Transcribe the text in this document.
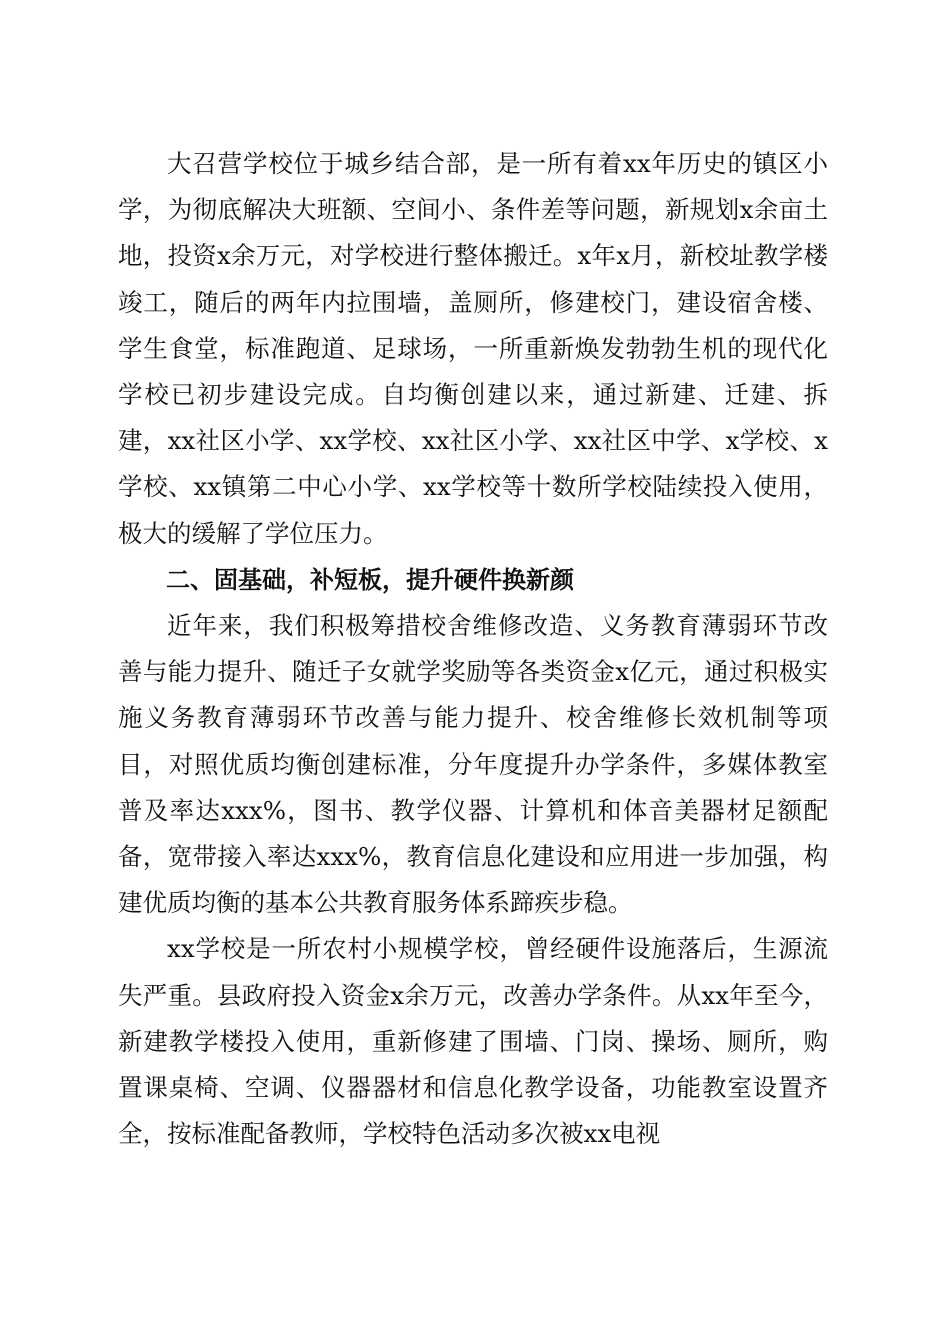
大召营学校位于城乡结合部，是一所有着xx年历史的镇区小学，为彻底解决大班额、空间小、条件差等问题，新规划x余亩土地，投资x余万元，对学校进行整体搬迁。x年x月，新校址教学楼竣工，随后的两年内拉围墙，盖厕所，修建校门，建设宿舍楼、学生食堂，标准跑道、足球场，一所重新焕发勃勃生机的现代化学校已初步建设完成。自均衡创建以来，通过新建、迁建、拆建，xx社区小学、xx学校、xx社区小学、xx社区中学、x学校、x学校、xx镇第二中心小学、xx学校等十数所学校陆续投入使用，极大的缓解了学位压力。

二、固基础，补短板，提升硬件换新颜

近年来，我们积极筹措校舍维修改造、义务教育薄弱环节改善与能力提升、随迁子女就学奖励等各类资金x亿元，通过积极实施义务教育薄弱环节改善与能力提升、校舍维修长效机制等项目，对照优质均衡创建标准，分年度提升办学条件，多媒体教室普及率达xxx%，图书、教学仪器、计算机和体音美器材足额配备，宽带接入率达xxx%，教育信息化建设和应用进一步加强，构建优质均衡的基本公共教育服务体系蹄疾步稳。

xx学校是一所农村小规模学校，曾经硬件设施落后，生源流失严重。县政府投入资金x余万元，改善办学条件。从xx年至今，新建教学楼投入使用，重新修建了围墙、门岗、操场、厕所，购置课桌椅、空调、仪器器材和信息化教学设备，功能教室设置齐全，按标准配备教师，学校特色活动多次被xx电视
